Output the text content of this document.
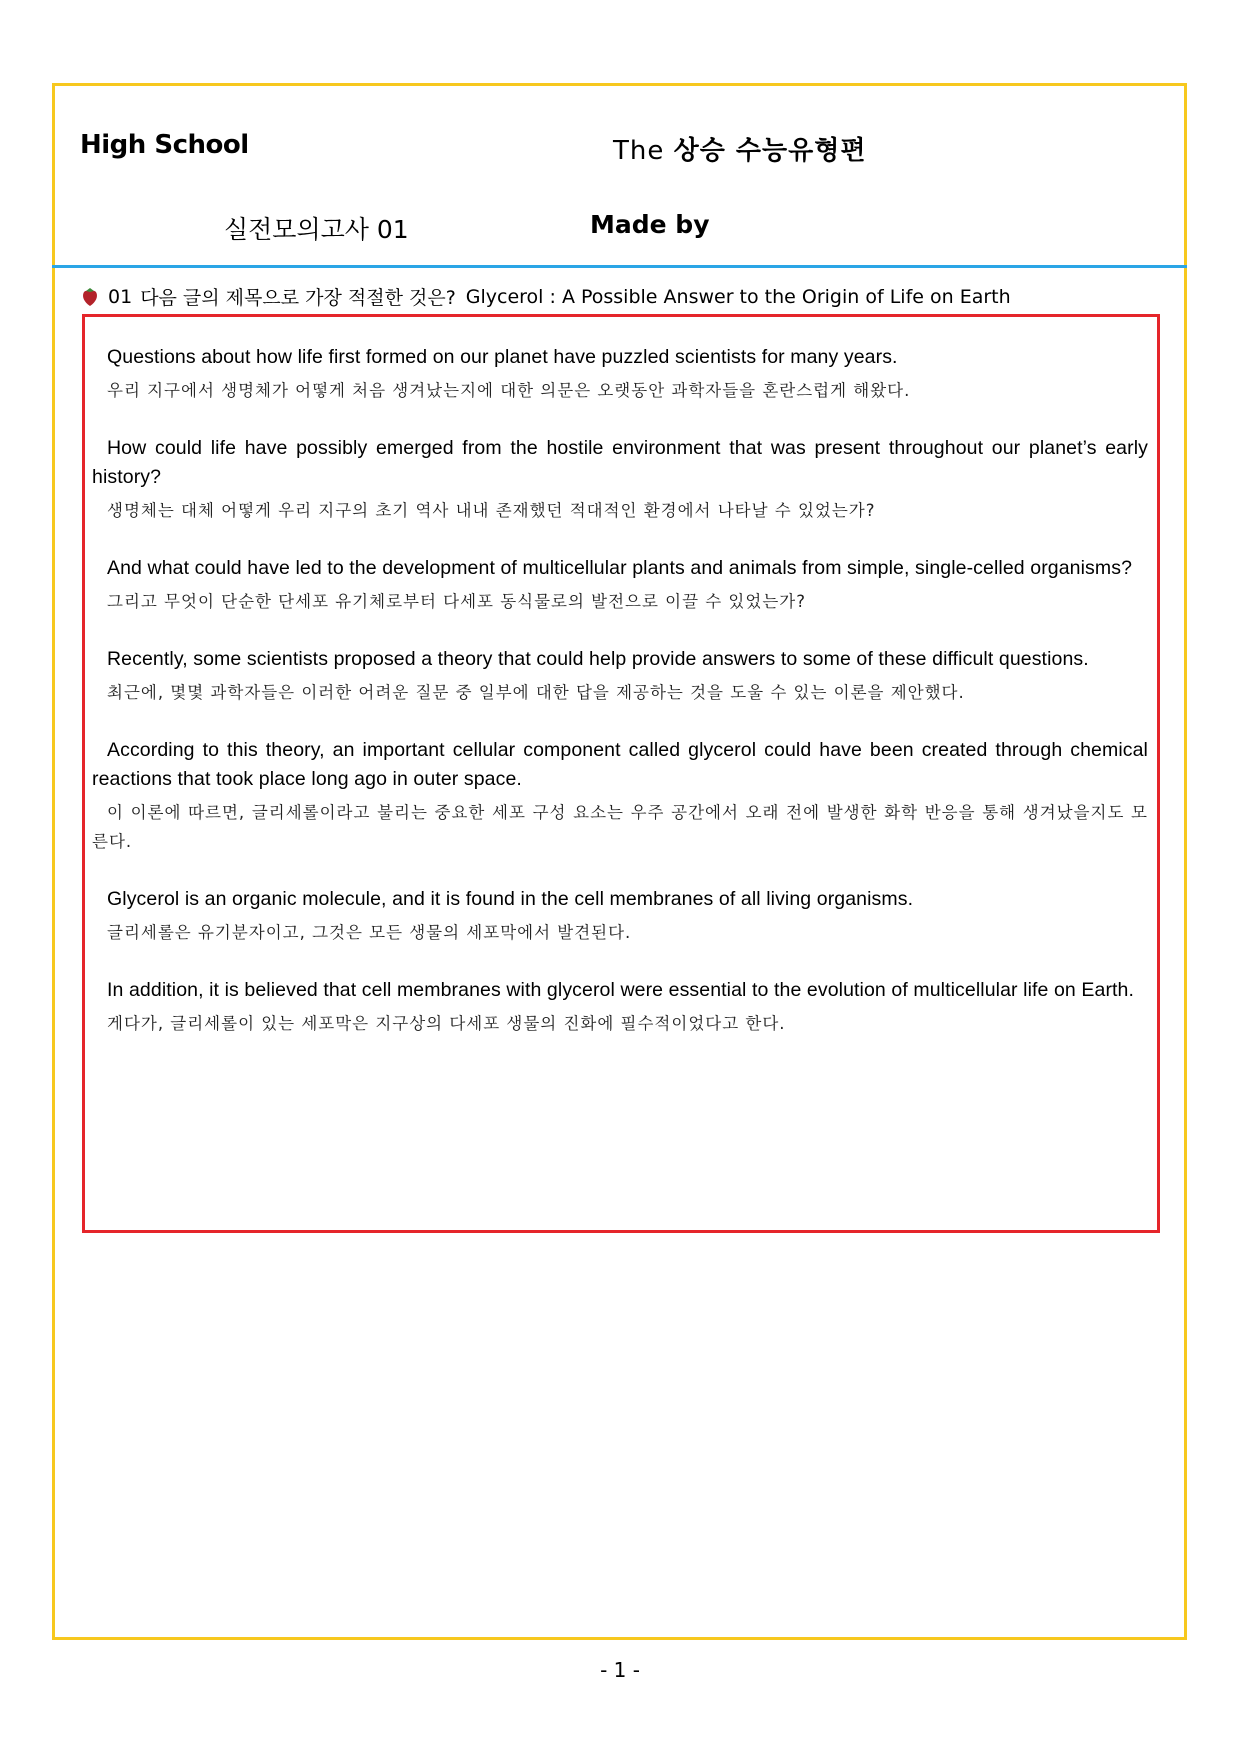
High School	The 상승 수능유형편
실전모의고사 01	Made by
01 다음 글의 제목으로 가장 적절한 것은? Glycerol : A Possible Answer to the Origin of Life on Earth

Questions about how life first formed on our planet have puzzled scientists for many years.

우리 지구에서 생명체가 어떻게 처음 생겨났는지에 대한 의문은 오랫동안 과학자들을 혼란스럽게 해왔다.

How could life have possibly emerged from the hostile environment that was present throughout our planet’s early history?

생명체는 대체 어떻게 우리 지구의 초기 역사 내내 존재했던 적대적인 환경에서 나타날 수 있었는가?

And what could have led to the development of multicellular plants and animals from simple, single-celled organisms?

그리고 무엇이 단순한 단세포 유기체로부터 다세포 동식물로의 발전으로 이끌 수 있었는가?

Recently, some scientists proposed a theory that could help provide answers to some of these difficult questions.

최근에, 몇몇 과학자들은 이러한 어려운 질문 중 일부에 대한 답을 제공하는 것을 도울 수 있는 이론을 제안했다.

According to this theory, an important cellular component called glycerol could have been created through chemical reactions that took place long ago in outer space.

이 이론에 따르면, 글리세롤이라고 불리는 중요한 세포 구성 요소는 우주 공간에서 오래 전에 발생한 화학 반응을 통해 생겨났을지도 모른다.

Glycerol is an organic molecule, and it is found in the cell membranes of all living organisms.

글리세롤은 유기분자이고, 그것은 모든 생물의 세포막에서 발견된다.

In addition, it is believed that cell membranes with glycerol were essential to the evolution of multicellular life on Earth.

게다가, 글리세롤이 있는 세포막은 지구상의 다세포 생물의 진화에 필수적이었다고 한다.

- 1 -
